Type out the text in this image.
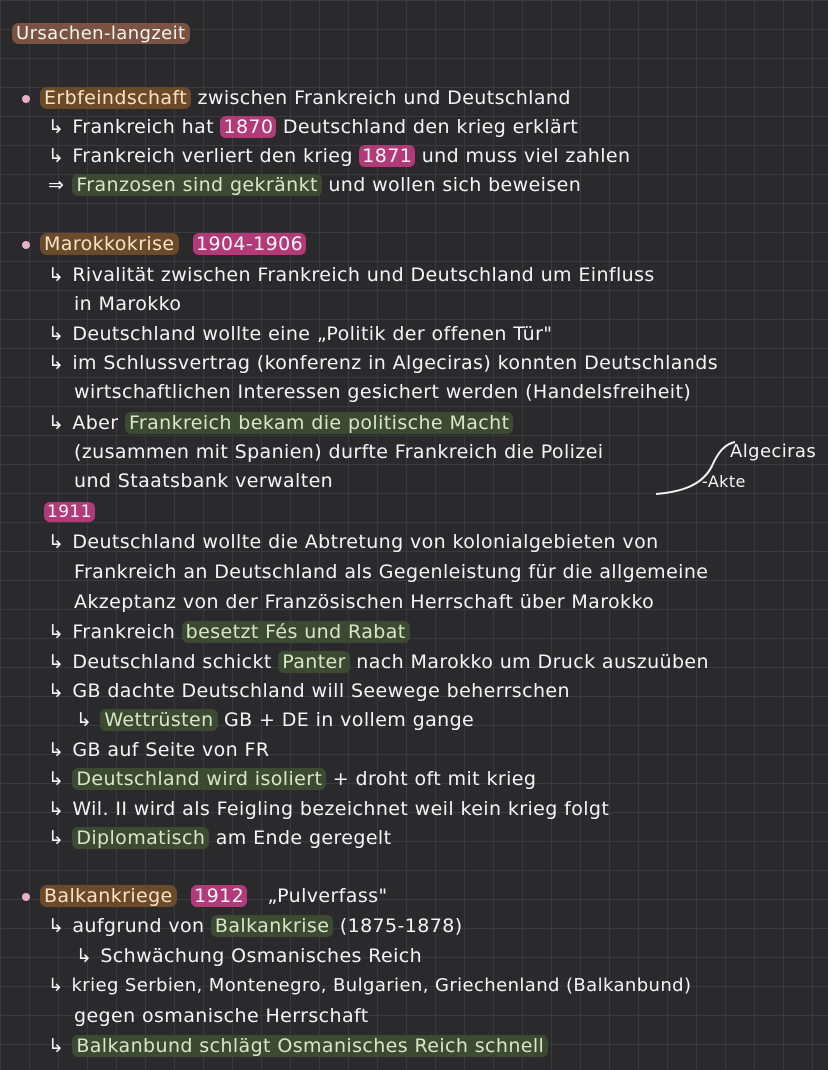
Ursachen-langzeit
Erbfeindschaft zwischen Frankreich und Deutschland
↳ Frankreich hat 1870 Deutschland den krieg erklärt
↳ Frankreich verliert den krieg 1871 und muss viel zahlen
⇒ Franzosen sind gekränkt und wollen sich beweisen
Marokkokrise 1904-1906
↳ Rivalität zwischen Frankreich und Deutschland um Einfluss
in Marokko
↳ Deutschland wollte eine „Politik der offenen Tür"
↳ im Schlussvertrag (konferenz in Algeciras) konnten Deutschlands
wirtschaftlichen Interessen gesichert werden (Handelsfreiheit)
↳ Aber Frankreich bekam die politische Macht
(zusammen mit Spanien) durfte Frankreich die Polizei
und Staatsbank verwalten
Algeciras
-Akte
1911
↳ Deutschland wollte die Abtretung von kolonialgebieten von
Frankreich an Deutschland als Gegenleistung für die allgemeine
Akzeptanz von der Französischen Herrschaft über Marokko
↳ Frankreich besetzt Fés und Rabat
↳ Deutschland schickt Panter nach Marokko um Druck auszuüben
↳ GB dachte Deutschland will Seewege beherrschen
↳ Wettrüsten GB + DE in vollem gange
↳ GB auf Seite von FR
↳ Deutschland wird isoliert + droht oft mit krieg
↳ Wil. II wird als Feigling bezeichnet weil kein krieg folgt
↳ Diplomatisch am Ende geregelt
Balkankriege 1912 „Pulverfass"
↳ aufgrund von Balkankrise (1875-1878)
↳ Schwächung Osmanisches Reich
↳ krieg Serbien, Montenegro, Bulgarien, Griechenland (Balkanbund)
gegen osmanische Herrschaft
↳ Balkanbund schlägt Osmanisches Reich schnell
